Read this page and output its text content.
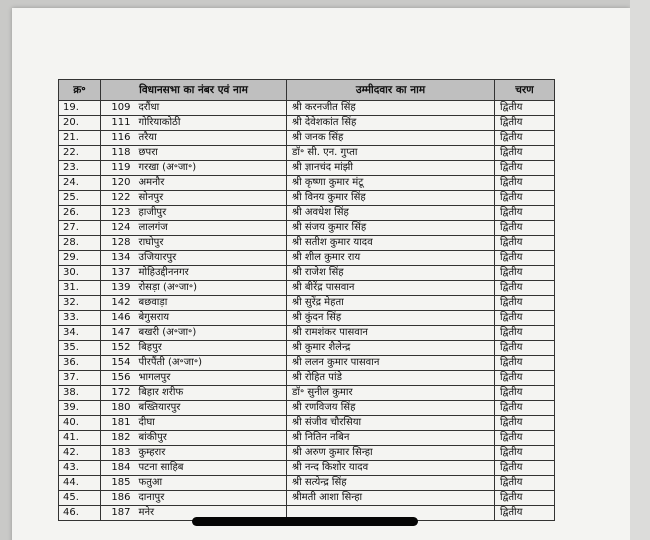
क्र॰	विधानसभा का नंबर एवं नाम		उम्मीदवार का नाम	चरण
19.	109	दरौंधा	श्री करनजीत सिंह	द्वितीय
20.	111	गोरियाकोठी	श्री देवेशकांत सिंह	द्वितीय
21.	116	तरैया	श्री जनक सिंह	द्वितीय
22.	118	छपरा	डॉ॰ सी. एन. गुप्ता	द्वितीय
23.	119	गरखा (अ॰जा॰)	श्री ज्ञानचंद मांझी	द्वितीय
24.	120	अमनौर	श्री कृष्णा कुमार मंटू	द्वितीय
25.	122	सोनपुर	श्री विनय कुमार सिंह	द्वितीय
26.	123	हाजीपुर	श्री अवधेश सिंह	द्वितीय
27.	124	लालगंज	श्री संजय कुमार सिंह	द्वितीय
28.	128	राघोपुर	श्री सतीश कुमार यादव	द्वितीय
29.	134	उजियारपुर	श्री शील कुमार राय	द्वितीय
30.	137	मोहिउद्दीननगर	श्री राजेश सिंह	द्वितीय
31.	139	रोसड़ा (अ॰जा॰)	श्री बीरेंद्र पासवान	द्वितीय
32.	142	बछवाड़ा	श्री सुरेंद्र मेहता	द्वितीय
33.	146	बेगुसराय	श्री कुंदन सिंह	द्वितीय
34.	147	बखरी (अ॰जा॰)	श्री रामशंकर पासवान	द्वितीय
35.	152	बिहपुर	श्री कुमार शैलेन्द्र	द्वितीय
36.	154	पीरपैंती (अ॰जा॰)	श्री ललन कुमार पासवान	द्वितीय
37.	156	भागलपुर	श्री रोहित पांडे	द्वितीय
38.	172	बिहार शरीफ	डॉ॰ सुनील कुमार	द्वितीय
39.	180	बख्तियारपुर	श्री रणविजय सिंह	द्वितीय
40.	181	दीघा	श्री संजीव चौरसिया	द्वितीय
41.	182	बांकीपुर	श्री नितिन नबिन	द्वितीय
42.	183	कुम्हरार	श्री अरुण कुमार सिन्हा	द्वितीय
43.	184	पटना साहिब	श्री नन्द किशोर यादव	द्वितीय
44.	185	फतुआ	श्री सत्येन्द्र सिंह	द्वितीय
45.	186	दानापुर	श्रीमती आशा सिन्हा	द्वितीय
46.	187	मनेर		द्वितीय
